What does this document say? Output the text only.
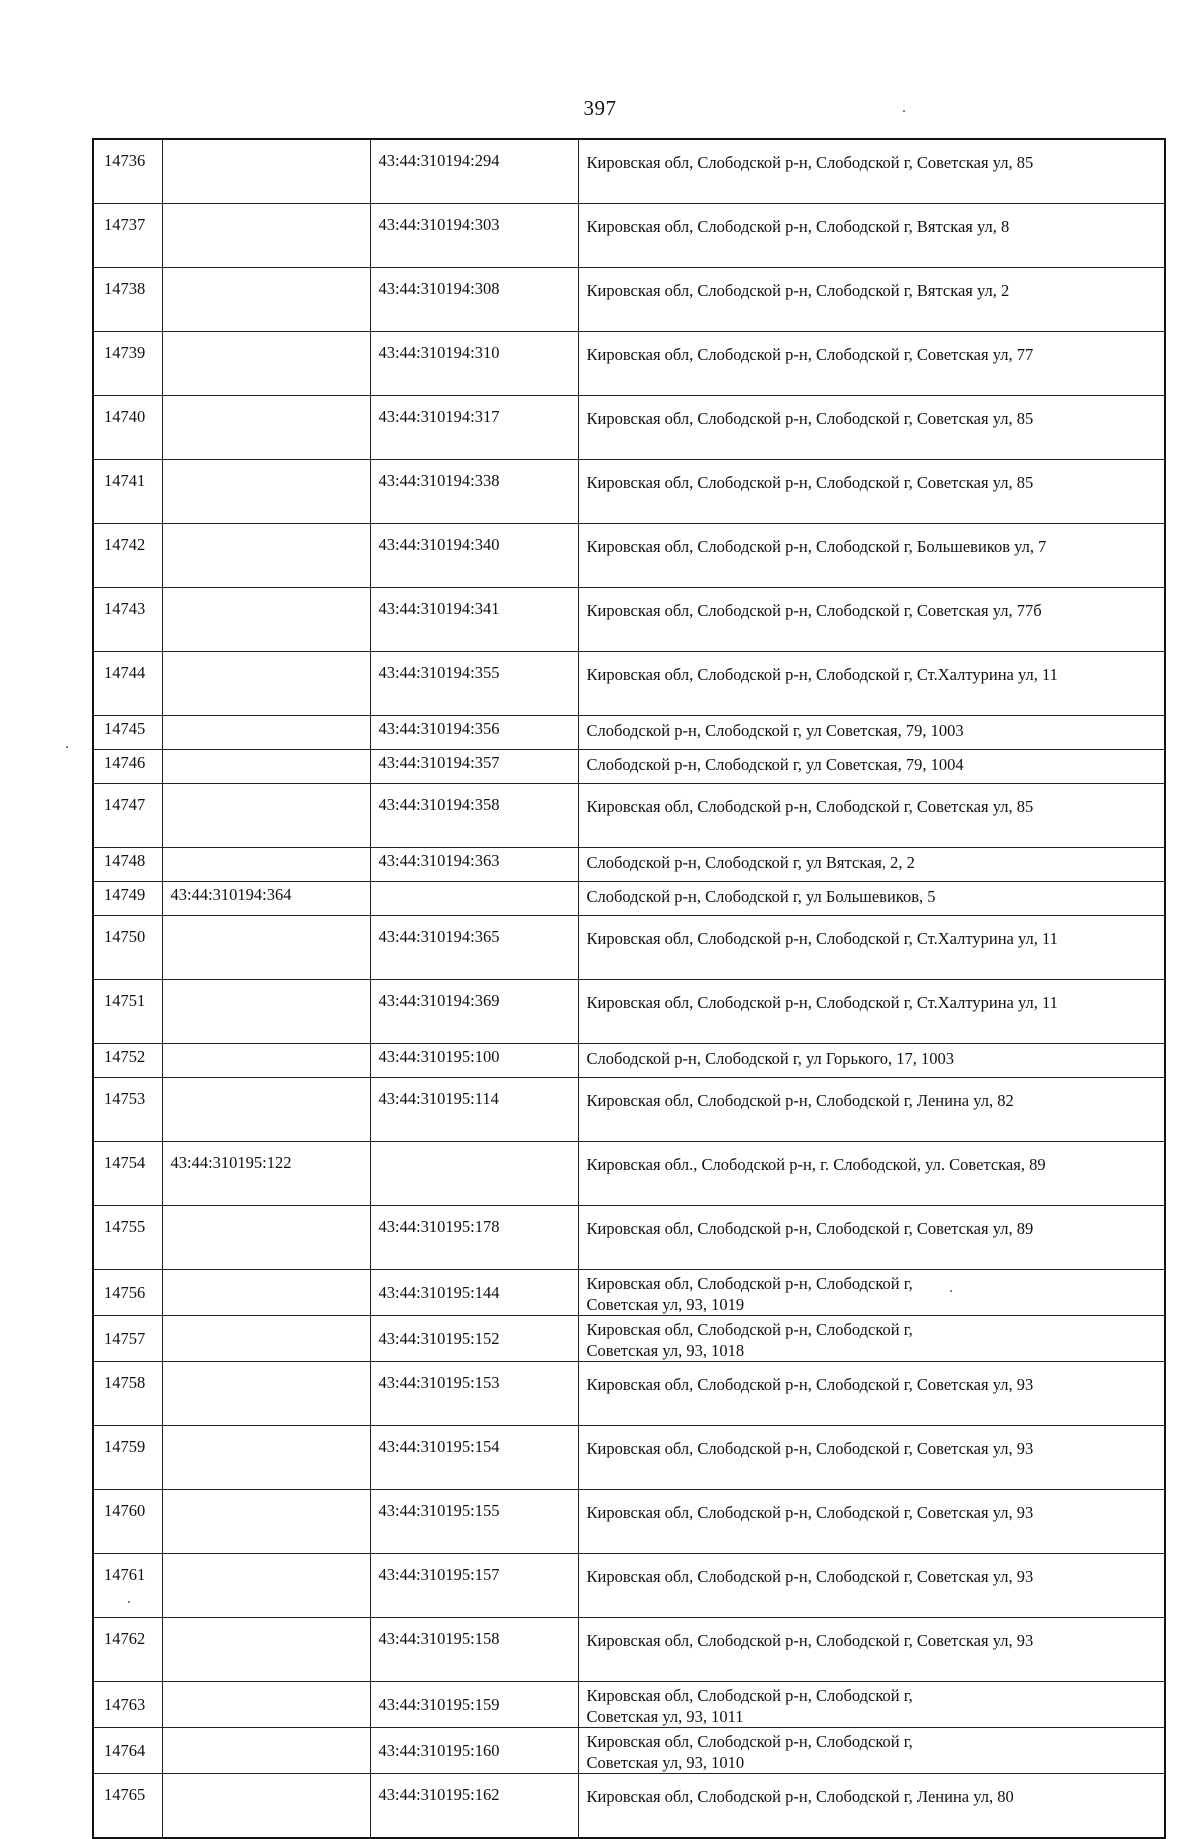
397
14736		43:44:310194:294	Кировская обл, Слободской р-н, Слободской г, Советская ул, 85
14737		43:44:310194:303	Кировская обл, Слободской р-н, Слободской г, Вятская ул, 8
14738		43:44:310194:308	Кировская обл, Слободской р-н, Слободской г, Вятская ул, 2
14739		43:44:310194:310	Кировская обл, Слободской р-н, Слободской г, Советская ул, 77
14740		43:44:310194:317	Кировская обл, Слободской р-н, Слободской г, Советская ул, 85
14741		43:44:310194:338	Кировская обл, Слободской р-н, Слободской г, Советская ул, 85
14742		43:44:310194:340	Кировская обл, Слободской р-н, Слободской г, Большевиков ул, 7
14743		43:44:310194:341	Кировская обл, Слободской р-н, Слободской г, Советская ул, 77б
14744		43:44:310194:355	Кировская обл, Слободской р-н, Слободской г, Ст.Халтурина ул, 11
14745		43:44:310194:356	Слободской р-н, Слободской г, ул Советская, 79, 1003
14746		43:44:310194:357	Слободской р-н, Слободской г, ул Советская, 79, 1004
14747		43:44:310194:358	Кировская обл, Слободской р-н, Слободской г, Советская ул, 85
14748		43:44:310194:363	Слободской р-н, Слободской г, ул Вятская, 2, 2
14749	43:44:310194:364		Слободской р-н, Слободской г, ул Большевиков, 5
14750		43:44:310194:365	Кировская обл, Слободской р-н, Слободской г, Ст.Халтурина ул, 11
14751		43:44:310194:369	Кировская обл, Слободской р-н, Слободской г, Ст.Халтурина ул, 11
14752		43:44:310195:100	Слободской р-н, Слободской г, ул Горького, 17, 1003
14753		43:44:310195:114	Кировская обл, Слободской р-н, Слободской г, Ленина ул, 82
14754	43:44:310195:122		Кировская обл., Слободской р-н, г. Слободской, ул. Советская, 89
14755		43:44:310195:178	Кировская обл, Слободской р-н, Слободской г, Советская ул, 89
14756		43:44:310195:144	Кировская обл, Слободской р-н, Слободской г,
Советская ул, 93, 1019
14757		43:44:310195:152	Кировская обл, Слободской р-н, Слободской г,
Советская ул, 93, 1018
14758		43:44:310195:153	Кировская обл, Слободской р-н, Слободской г, Советская ул, 93
14759		43:44:310195:154	Кировская обл, Слободской р-н, Слободской г, Советская ул, 93
14760		43:44:310195:155	Кировская обл, Слободской р-н, Слободской г, Советская ул, 93
14761		43:44:310195:157	Кировская обл, Слободской р-н, Слободской г, Советская ул, 93
14762		43:44:310195:158	Кировская обл, Слободской р-н, Слободской г, Советская ул, 93
14763		43:44:310195:159	Кировская обл, Слободской р-н, Слободской г,
Советская ул, 93, 1011
14764		43:44:310195:160	Кировская обл, Слободской р-н, Слободской г,
Советская ул, 93, 1010
14765		43:44:310195:162	Кировская обл, Слободской р-н, Слободской г, Ленина ул, 80
